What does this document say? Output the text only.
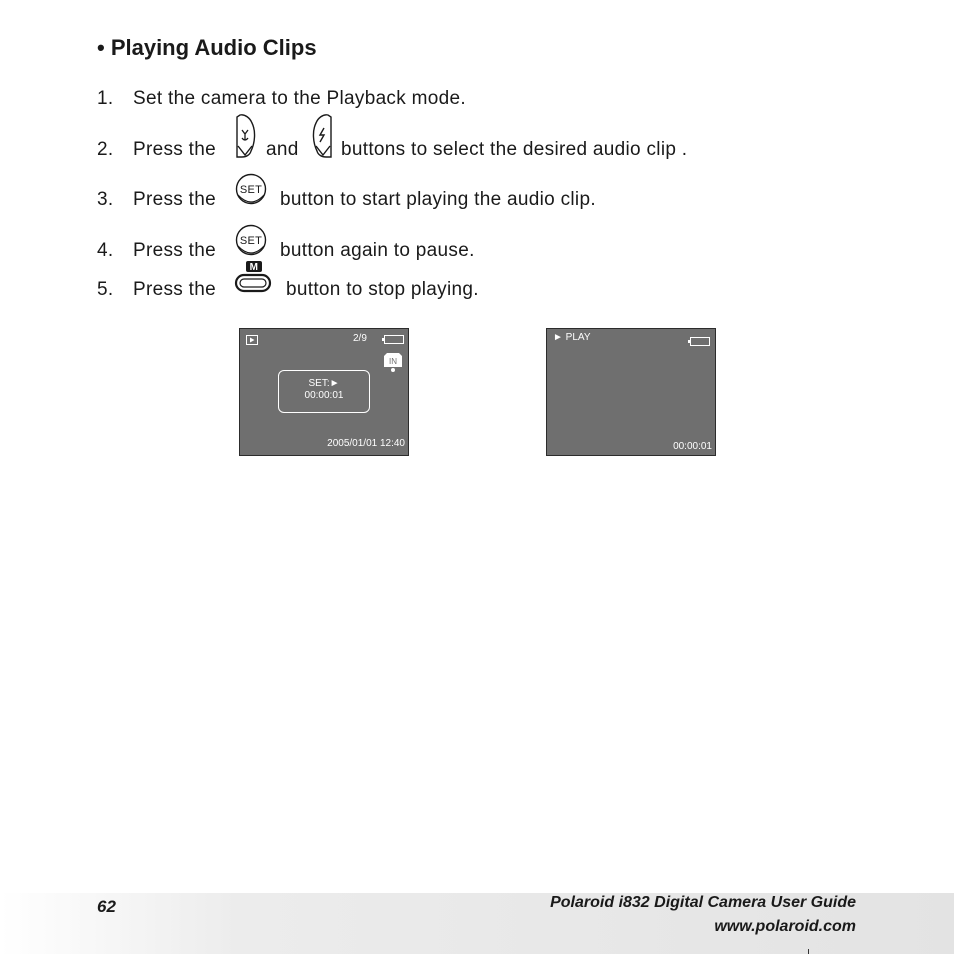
• Playing Audio Clips
1. Set the camera to the Playback mode.
2. Press the	and buttons to select the desired audio clip .
3. Press the SET button to start playing the audio clip.
4. Press the SET button again to pause.
5. Press the
M
button to stop playing.
2/9
IN
SET:►
00:00:01
2005/01/01 12:40
► PLAY
00:00:01
62	Polaroid i832 Digital Camera User Guide
www.polaroid.com
